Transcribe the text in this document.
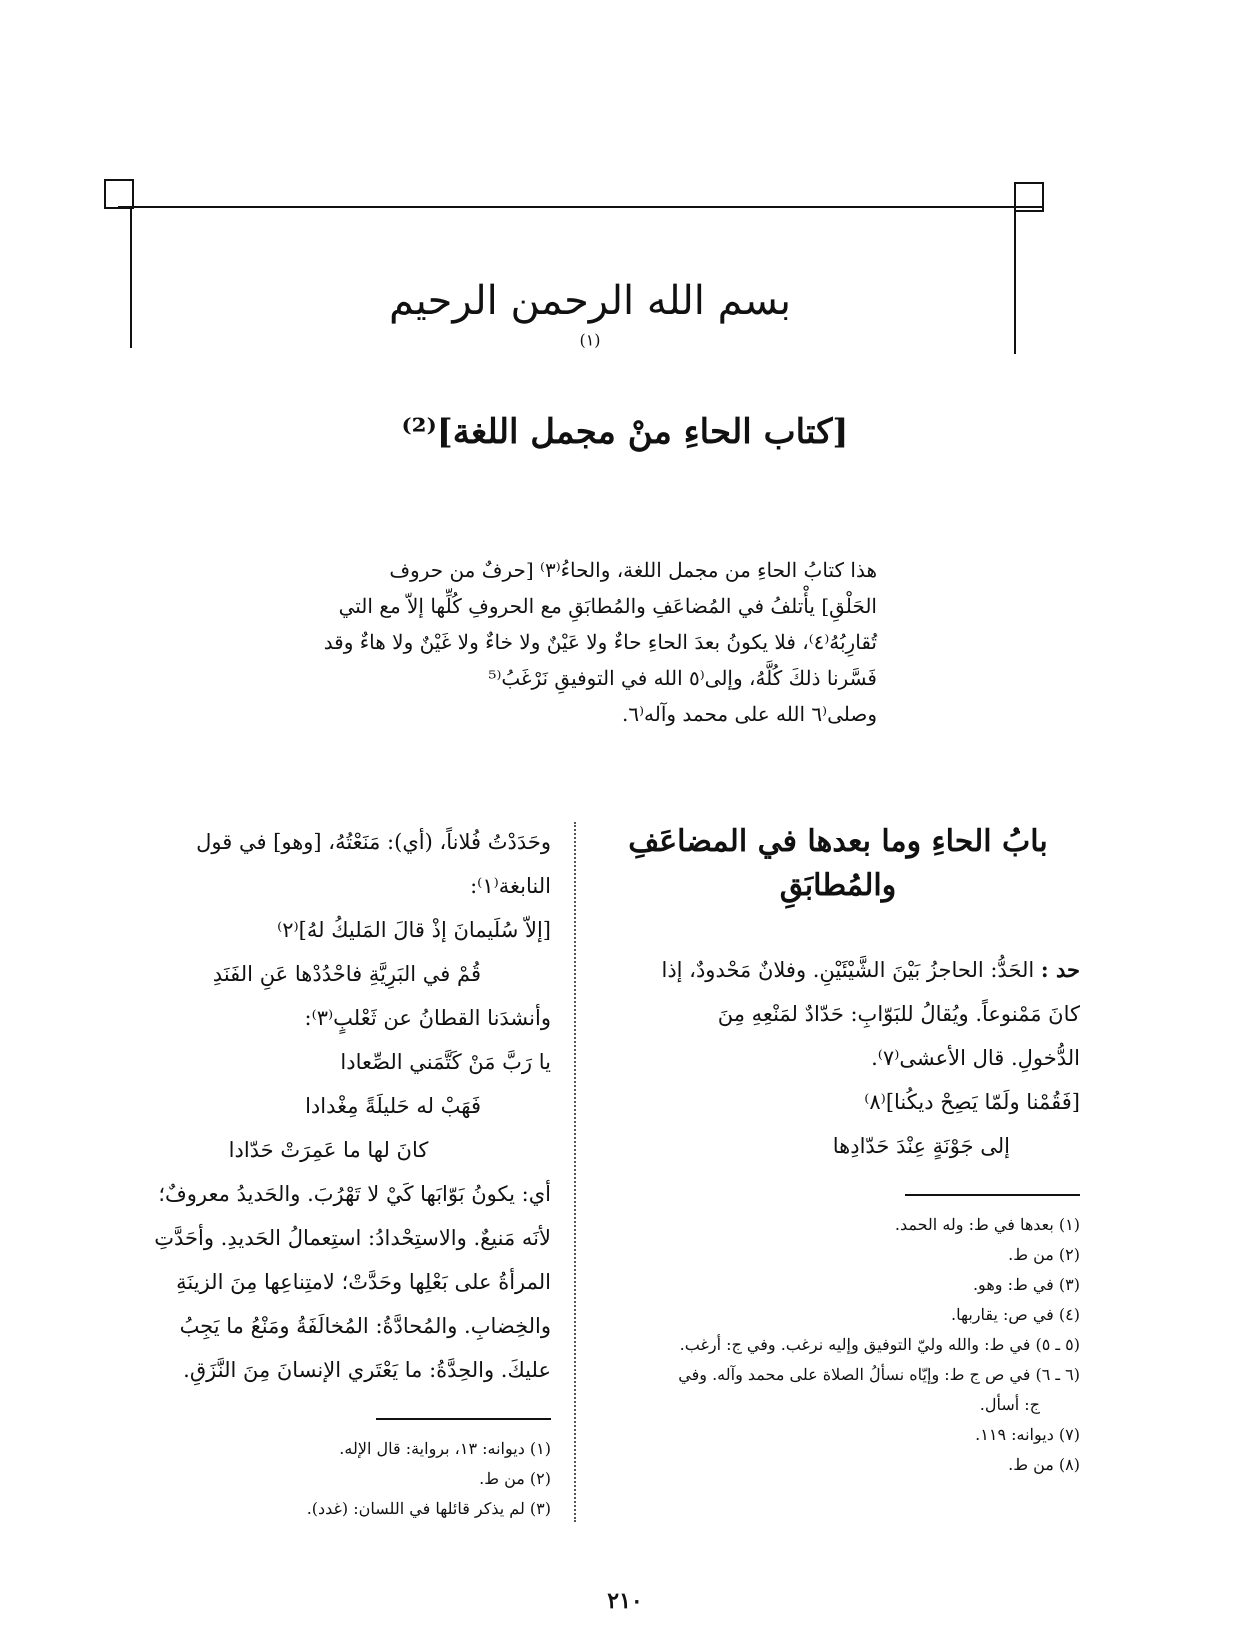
بسم الله الرحمن الرحيم $^{(١)}$
[كتاب الحاءِ منْ مجمل اللغة]⁽²⁾

هذا كتابُ الحاءِ من مجمل اللغة، والحاءُ⁽٣⁾ [حرفٌ من حروف

الحَلْقِ] يأْتلفُ في المُضاعَفِ والمُطابَقِ مع الحروفِ كُلِّها إلاّ مع التي

تُقارِبُهُ⁽٤⁾، فلا يكونُ بعدَ الحاءِ حاءٌ ولا عَيْنٌ ولا خاءٌ ولا غَيْنٌ ولا هاءٌ وقد

فَسَّرنا ذلكَ كُلَّهُ، وإلى⁽٥ الله في التوفيقِ نَرْغَبُ⁽⁵

وصلى⁽٦ الله على محمد وآله⁽٦.

بابُ الحاءِ وما بعدها في المضاعَفِ
والمُطابَقِ

حد : الحَدُّ: الحاجزُ بَيْنَ الشَّيْئَيْنِ. وفلانٌ مَحْدودٌ، إذا

كانَ مَمْنوعاً. ويُقالُ للبَوّابِ: حَدّادٌ لمَنْعِهِ مِنَ

الدُّخولِ. قال الأعشى⁽٧⁾.

[فَقُمْنا ولَمّا يَصِحْ ديكُنا]⁽٨⁾

إلى جَوْنَةٍ عِنْدَ حَدّادِها

(١) بعدها في ط: وله الحمد.
(٢) من ط.
(٣) في ط: وهو.
(٤) في ص: يقاربها.
(٥ ـ ٥) في ط: والله وليّ التوفيق وإليه نرغب. وفي ج: أرغب.
(٦ ـ ٦) في ص ج ط: وإيّاه نسألُ الصلاة على محمد وآله. وفي
ج: أسأل.
(٧) ديوانه: ١١٩.
(٨) من ط.

وحَدَدْتُ فُلاناً، (أي): مَنَعْتُهُ، [وهو] في قول

النابغة⁽١⁾:

[إلاّ سُلَيمانَ إذْ قالَ المَليكُ لهُ]⁽٢⁾

قُمْ في البَرِيَّةِ فاحْدُدْها عَنِ الفَنَدِ

وأنشدَنا القطانُ عن ثَعْلبٍ⁽٣⁾:

يا رَبَّ مَنْ كَتَّمَني الصِّعادا

فَهَبْ له حَليلَةً مِغْدادا

كانَ لها ما عَمِرَتْ حَدّادا

أي: يكونُ بَوّابَها كَيْ لا تَهْرُبَ. والحَديدُ معروفٌ؛

لأنَه مَنيعٌ. والاستِحْدادُ: استِعمالُ الحَديدِ. وأحَدَّتِ

المرأةُ على بَعْلِها وحَدَّتْ؛ لامتِناعِها مِنَ الزينَةِ

والخِضابِ. والمُحادَّةُ: المُخالَفَةُ ومَنْعُ ما يَجِبُ

عليكَ. والحِدَّةُ: ما يَعْتَري الإنسانَ مِنَ النَّزَقِ.

(١) ديوانه: ١٣، برواية: قال الإله.
(٢) من ط.
(٣) لم يذكر قائلها في اللسان: (غدد).
٢١٠
